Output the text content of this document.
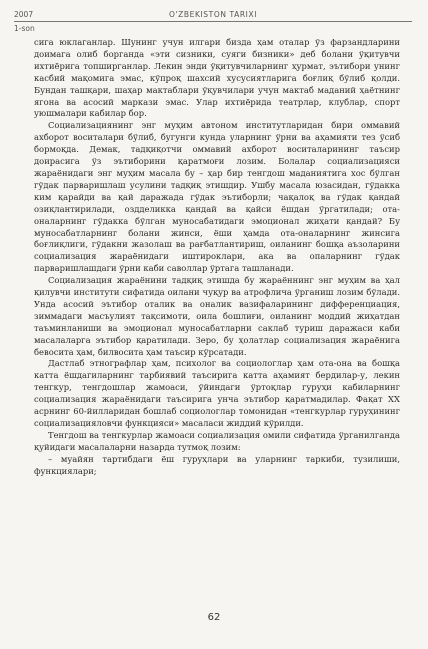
2007	O'ZBEKISTON TARIXI
1-son

сига юклаганлар. Шунинг учун илгари бизда ҳам оталар ўз фарзандларини доимага олиб борганда «эти сизники, суяги бизники» деб болани ўқитувчи ихтиёрига топширганлар. Лекин энди ўқитувчиларнинг ҳурмат, эътибори унинг касбий мақомига эмас, кўпроқ шахсий хусусиятларига боғлиқ бўлиб қолди. Бундан ташқари, шаҳар мактаблари ўқувчилари учун мактаб маданий ҳаётнинг ягона ва асосий маркази эмас. Улар ихтиёрида театрлар, клублар, спорт уюшмалари кабилар бор.

Социализациянинг энг муҳим автоном институтларидан бири оммавий ахборот воситалари бўлиб, бугунги кунда уларнинг ўрни ва аҳамияти тез ўсиб бормоқда. Демак, тадқиқотчи оммавий ахборот воситаларининг таъсир доирасига ўз эътиборини қаратмоғи лозим. Болалар социализацияси жараёнидаги энг муҳим масала бу – ҳар бир тенгдош маданиятига хос бўлган гўдак парваришлаш усулини тадқиқ этишдир. Ушбу масала юзасидан, гўдакка ким қарайди ва қай даражада гўдак эътиборли; чақалоқ ва гўдак қандай озиқлантирилади, оздделикка қандай ва қайси ёшдан ўргатилади; ота-оналарнинг гўдакка бўлган муносабатидаги эмоционал жиҳати қандай? Бу муносабатларнинг болани жинси, ёши ҳамда ота-оналарнинг жинсига боғлиқлиги, гўдакни жазолаш ва рағбатлантириш, оиланинг бошқа аъзоларини социализация жараёнидаги иштироклари, ака ва опаларнинг гўдак парваришлашдаги ўрни каби саволлар ўртага ташланади.

Социализация жараёнини тадқиқ этишда бу жараённинг энг муҳим ва ҳал қилувчи институти сифатида оилани чуқур ва атрофлича ўрганиш лозим бўлади. Унда асосий эътибор оталик ва оналик вазифаларининг дифференциация, зиммадаги масъулият тақсимоти, оила бошлиғи, оиланинг моддий жиҳатдан таъминланиши ва эмоционал муносабатларни саклаб туриш даражаси каби масалаларга эътибор қаратилади. Зеро, бу ҳолатлар социализация жараёнига бевосита ҳам, билвосита ҳам таъсир кўрсатади.

Дастлаб этнографлар ҳам, психолог ва социологлар ҳам ота-она ва бошқа катта ёшдагиларнинг тарбиявий таъсирига катта аҳамият бердилар-у, лекин тенгкур, тенгдошлар жамоаси, ўйиндаги ўртоқлар гуруҳи кабиларнинг социализация жараёнидаги таъсирига унча эътибор қаратмадилар. Фақат XX асрнинг 60-йилларидан бошлаб социологлар томонидан «тенгкурлар гуруҳининг социализацияловчи функцияси» масаласи жиддий кўрилди.

Тенгдош ва тенгкурлар жамоаси социализация омили сифатида ўрганилганда қуйидаги масалаларни назарда тутмоқ лозим:

– муайян тартибдаги ёш гуруҳлари ва уларнинг таркиби, тузилиши, функциялари;

62
